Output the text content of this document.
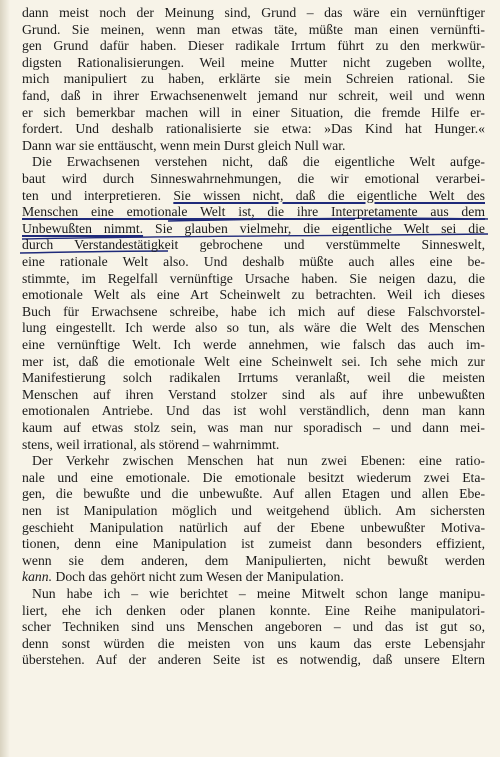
dann meist noch der Meinung sind, Grund – das wäre ein vernünftiger
Grund. Sie meinen, wenn man etwas täte, müßte man einen vernünfti-
gen Grund dafür haben. Dieser radikale Irrtum führt zu den merkwür-
digsten Rationalisierungen. Weil meine Mutter nicht zugeben wollte,
mich manipuliert zu haben, erklärte sie mein Schreien rational. Sie
fand, daß in ihrer Erwachsenenwelt jemand nur schreit, weil und wenn
er sich bemerkbar machen will in einer Situation, die fremde Hilfe er-
fordert. Und deshalb rationalisierte sie etwa: »Das Kind hat Hunger.«
Dann war sie enttäuscht, wenn mein Durst gleich Null war.
Die Erwachsenen verstehen nicht, daß die eigentliche Welt aufge-
baut wird durch Sinneswahrnehmungen, die wir emotional verarbei-
ten und interpretieren. Sie wissen nicht, daß die eigentliche Welt des
Menschen eine emotionale Welt ist, die ihre Interpretamente aus dem
Unbewußten nimmt. Sie glauben vielmehr, die eigentliche Welt sei die
durch Verstandestätigkeit gebrochene und verstümmelte Sinneswelt,
eine rationale Welt also. Und deshalb müßte auch alles eine be-
stimmte, im Regelfall vernünftige Ursache haben. Sie neigen dazu, die
emotionale Welt als eine Art Scheinwelt zu betrachten. Weil ich dieses
Buch für Erwachsene schreibe, habe ich mich auf diese Falschvorstel-
lung eingestellt. Ich werde also so tun, als wäre die Welt des Menschen
eine vernünftige Welt. Ich werde annehmen, wie falsch das auch im-
mer ist, daß die emotionale Welt eine Scheinwelt sei. Ich sehe mich zur
Manifestierung solch radikalen Irrtums veranlaßt, weil die meisten
Menschen auf ihren Verstand stolzer sind als auf ihre unbewußten
emotionalen Antriebe. Und das ist wohl verständlich, denn man kann
kaum auf etwas stolz sein, was man nur sporadisch – und dann mei-
stens, weil irrational, als störend – wahrnimmt.
Der Verkehr zwischen Menschen hat nun zwei Ebenen: eine ratio-
nale und eine emotionale. Die emotionale besitzt wiederum zwei Eta-
gen, die bewußte und die unbewußte. Auf allen Etagen und allen Ebe-
nen ist Manipulation möglich und weitgehend üblich. Am sichersten
geschieht Manipulation natürlich auf der Ebene unbewußter Motiva-
tionen, denn eine Manipulation ist zumeist dann besonders effizient,
wenn sie dem anderen, dem Manipulierten, nicht bewußt werden
kann. Doch das gehört nicht zum Wesen der Manipulation.
Nun habe ich – wie berichtet – meine Mitwelt schon lange manipu-
liert, ehe ich denken oder planen konnte. Eine Reihe manipulatori-
scher Techniken sind uns Menschen angeboren – und das ist gut so,
denn sonst würden die meisten von uns kaum das erste Lebensjahr
überstehen. Auf der anderen Seite ist es notwendig, daß unsere Eltern
